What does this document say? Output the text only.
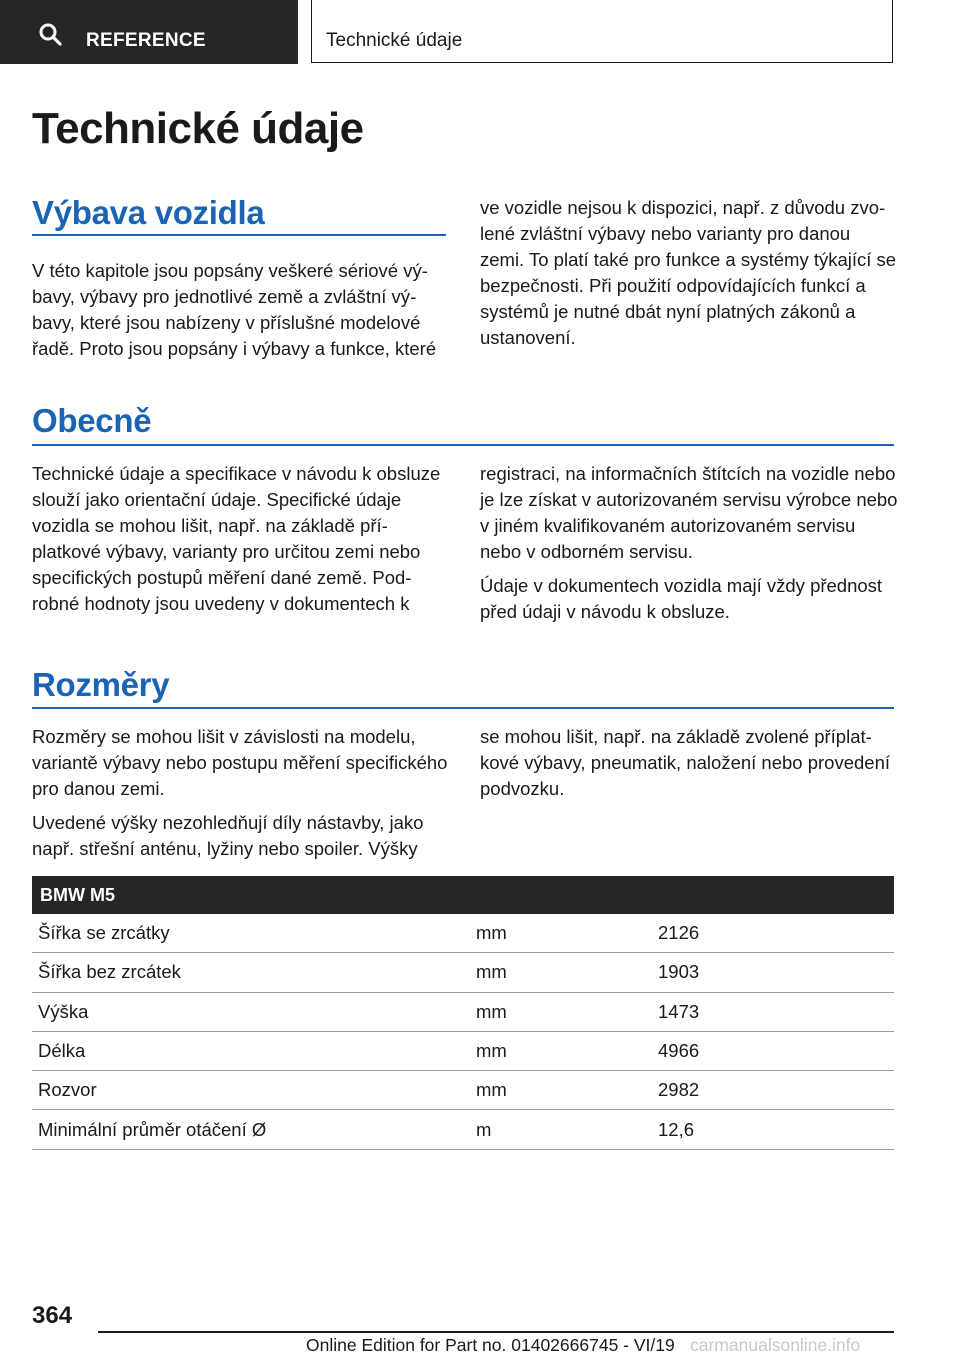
REFERENCE	Technické údaje
Technické údaje
Výbava vozidla

V této kapitole jsou popsány veškeré sériové výbavy, výbavy pro jednotlivé země a zvláštní výbavy, které jsou nabízeny v příslušné modelové řadě. Proto jsou popsány i výbavy a funkce, které

ve vozidle nejsou k dispozici, např. z důvodu zvolené zvláštní výbavy nebo varianty pro danou zemi. To platí také pro funkce a systémy týkající se bezpečnosti. Při použití odpovídajících funkcí a systémů je nutné dbát nyní platných zákonů a ustanovení.

Obecně

Technické údaje a specifikace v návodu k obsluze slouží jako orientační údaje. Specifické údaje vozidla se mohou lišit, např. na základě příplatkové výbavy, varianty pro určitou zemi nebo specifických postupů měření dané země. Podrobné hodnoty jsou uvedeny v dokumentech k

registraci, na informačních štítcích na vozidle nebo je lze získat v autorizovaném servisu výrobce nebo v jiném kvalifikovaném autorizovaném servisu nebo v odborném servisu.

Údaje v dokumentech vozidla mají vždy přednost před údaji v návodu k obsluze.

Rozměry

Rozměry se mohou lišit v závislosti na modelu, variantě výbavy nebo postupu měření specifického pro danou zemi.

Uvedené výšky nezohledňují díly nástavby, jako např. střešní anténu, lyžiny nebo spoiler. Výšky

se mohou lišit, např. na základě zvolené příplatkové výbavy, pneumatik, naložení nebo provedení podvozku.

BMW M5
Šířka se zrcátky	mm	2126
Šířka bez zrcátek	mm	1903
Výška	mm	1473
Délka	mm	4966
Rozvor	mm	2982
Minimální průměr otáčení Ø	m	12,6
364
Online Edition for Part no. 01402666745 - VI/19 carmanualsonline.info
